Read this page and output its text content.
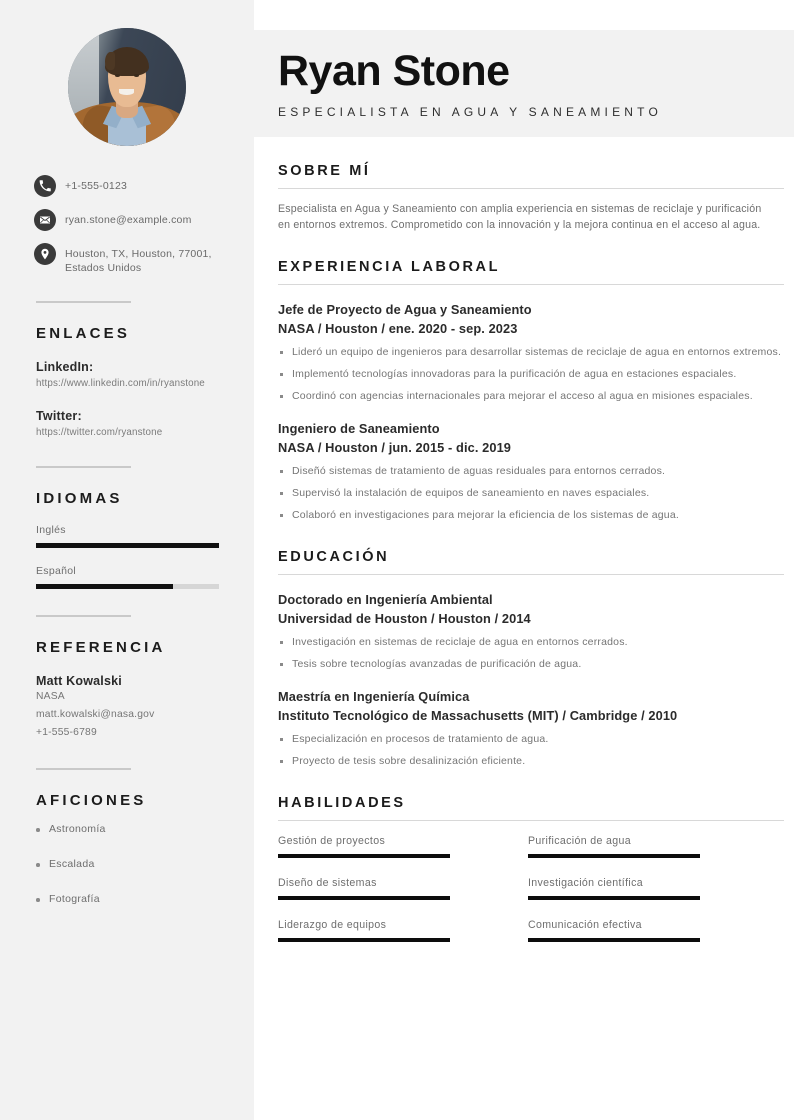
+1-555-0123
ryan.stone@example.com
Houston, TX, Houston, 77001, Estados Unidos
ENLACES
LinkedIn:
https://www.linkedin.com/in/ryanstone
Twitter:
https://twitter.com/ryanstone
IDIOMAS
Inglés
Español
REFERENCIA
Matt Kowalski
NASA
matt.kowalski@nasa.gov
+1-555-6789
AFICIONES
Astronomía
Escalada
Fotografía
Ryan Stone
ESPECIALISTA EN AGUA Y SANEAMIENTO
SOBRE MÍ

Especialista en Agua y Saneamiento con amplia experiencia en sistemas de reciclaje y purificación en entornos extremos. Comprometido con la innovación y la mejora continua en el acceso al agua.

EXPERIENCIA LABORAL
Jefe de Proyecto de Agua y Saneamiento
NASA / Houston / ene. 2020 - sep. 2023
Lideró un equipo de ingenieros para desarrollar sistemas de reciclaje de agua en entornos extremos.
Implementó tecnologías innovadoras para la purificación de agua en estaciones espaciales.
Coordinó con agencias internacionales para mejorar el acceso al agua en misiones espaciales.
Ingeniero de Saneamiento
NASA / Houston / jun. 2015 - dic. 2019
Diseñó sistemas de tratamiento de aguas residuales para entornos cerrados.
Supervisó la instalación de equipos de saneamiento en naves espaciales.
Colaboró en investigaciones para mejorar la eficiencia de los sistemas de agua.
EDUCACIÓN
Doctorado en Ingeniería Ambiental
Universidad de Houston / Houston / 2014
Investigación en sistemas de reciclaje de agua en entornos cerrados.
Tesis sobre tecnologías avanzadas de purificación de agua.
Maestría en Ingeniería Química
Instituto Tecnológico de Massachusetts (MIT) / Cambridge / 2010
Especialización en procesos de tratamiento de agua.
Proyecto de tesis sobre desalinización eficiente.
HABILIDADES
Gestión de proyectos	Purificación de agua
Diseño de sistemas	Investigación científica
Liderazgo de equipos	Comunicación efectiva
